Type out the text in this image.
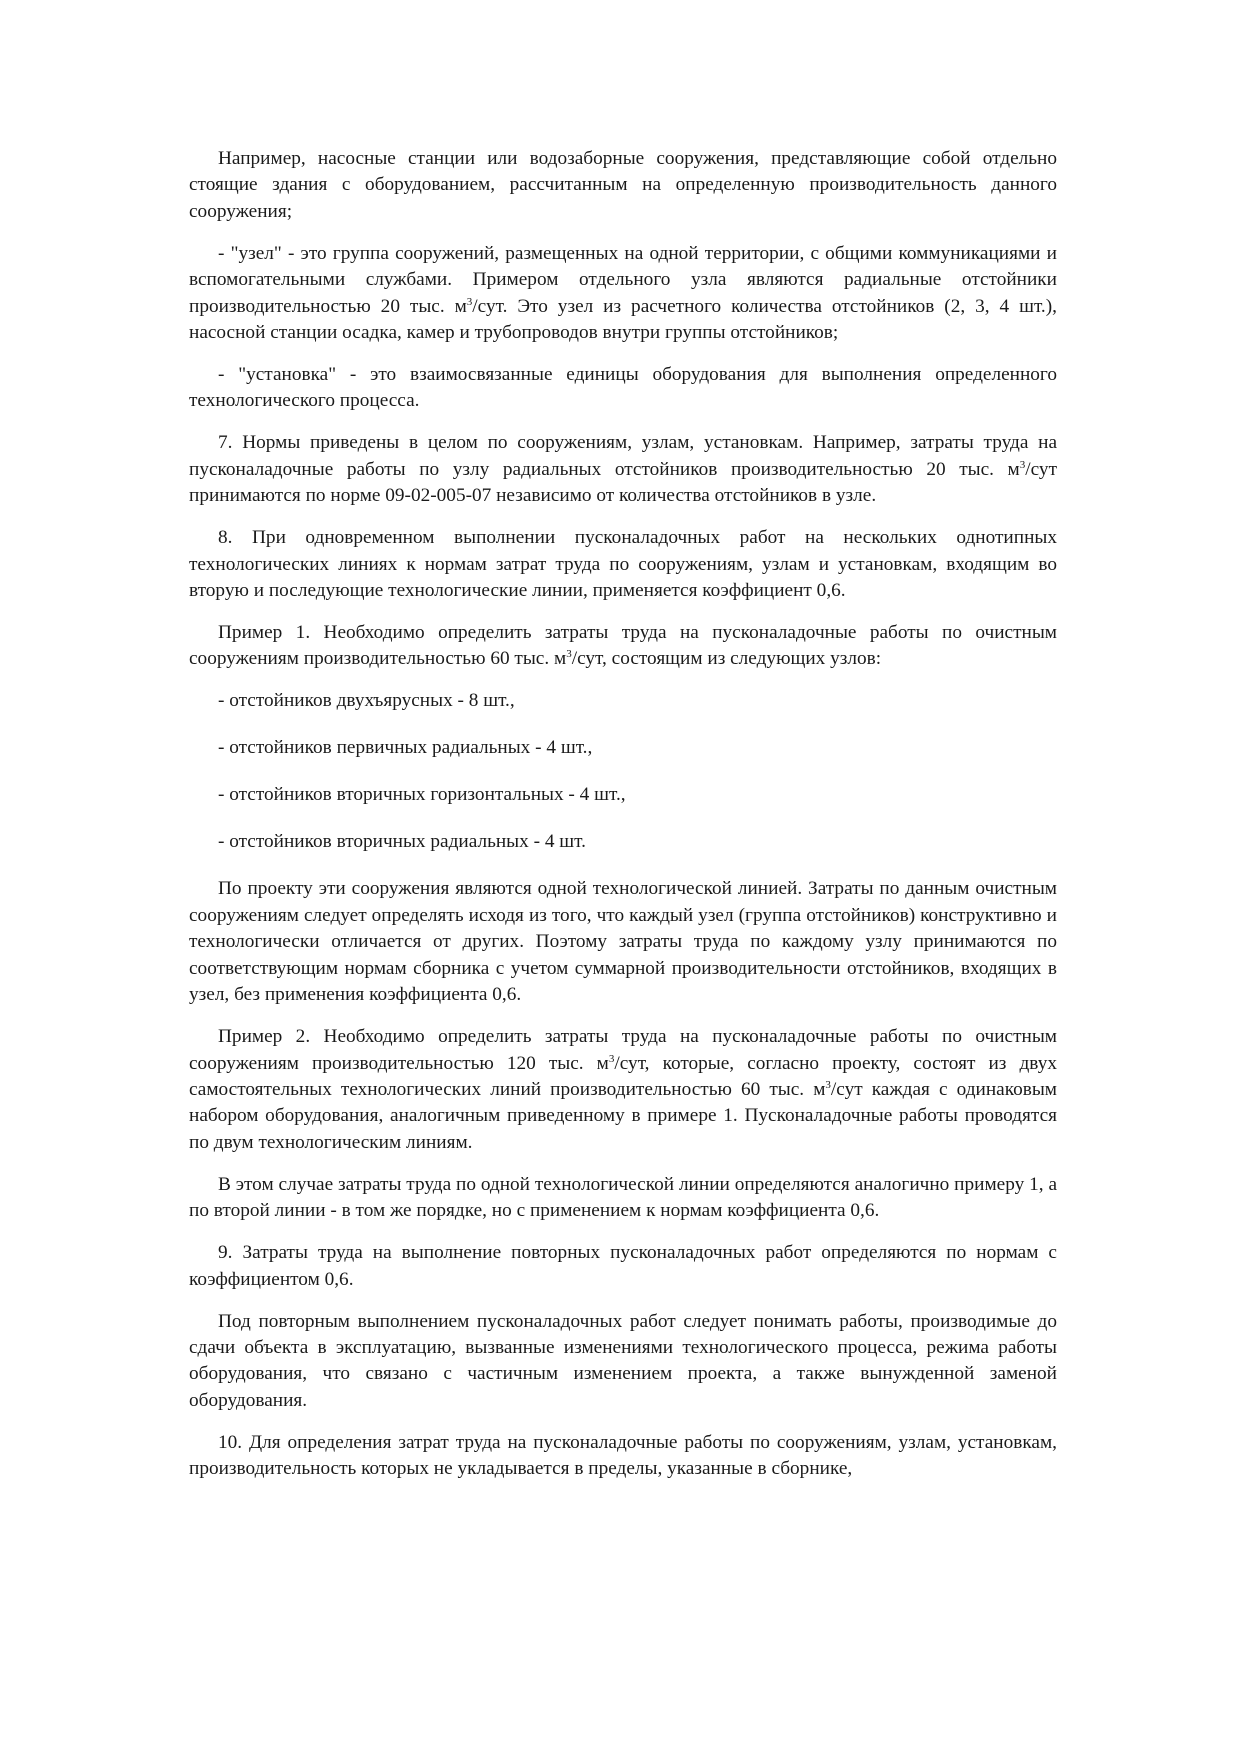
Например, насосные станции или водозаборные сооружения, представляющие собой отдельно стоящие здания с оборудованием, рассчитанным на определенную производительность данного сооружения;

- "узел" - это группа сооружений, размещенных на одной территории, с общими коммуникациями и вспомогательными службами. Примером отдельного узла являются радиальные отстойники производительностью 20 тыс. $м^3$/сут. Это узел из расчетного количества отстойников (2, 3, 4 шт.), насосной станции осадка, камер и трубопроводов внутри группы отстойников;

- "установка" - это взаимосвязанные единицы оборудования для выполнения определенного технологического процесса.

7. Нормы приведены в целом по сооружениям, узлам, установкам. Например, затраты труда на пусконаладочные работы по узлу радиальных отстойников производительностью 20 тыс. $м^3$/сут принимаются по норме 09-02-005-07 независимо от количества отстойников в узле.

8. При одновременном выполнении пусконаладочных работ на нескольких однотипных технологических линиях к нормам затрат труда по сооружениям, узлам и установкам, входящим во вторую и последующие технологические линии, применяется коэффициент 0,6.

Пример 1. Необходимо определить затраты труда на пусконаладочные работы по очистным сооружениям производительностью 60 тыс. $м^3$/сут, состоящим из следующих узлов:

- отстойников двухъярусных - 8 шт.,

- отстойников первичных радиальных - 4 шт.,

- отстойников вторичных горизонтальных - 4 шт.,

- отстойников вторичных радиальных - 4 шт.

По проекту эти сооружения являются одной технологической линией. Затраты по данным очистным сооружениям следует определять исходя из того, что каждый узел (группа отстойников) конструктивно и технологически отличается от других. Поэтому затраты труда по каждому узлу принимаются по соответствующим нормам сборника с учетом суммарной производительности отстойников, входящих в узел, без применения коэффициента 0,6.

Пример 2. Необходимо определить затраты труда на пусконаладочные работы по очистным сооружениям производительностью 120 тыс. $м^3$/сут, которые, согласно проекту, состоят из двух самостоятельных технологических линий производительностью 60 тыс. $м^3$/сут каждая с одинаковым набором оборудования, аналогичным приведенному в примере 1. Пусконаладочные работы проводятся по двум технологическим линиям.

В этом случае затраты труда по одной технологической линии определяются аналогично примеру 1, а по второй линии - в том же порядке, но с применением к нормам коэффициента 0,6.

9. Затраты труда на выполнение повторных пусконаладочных работ определяются по нормам с коэффициентом 0,6.

Под повторным выполнением пусконаладочных работ следует понимать работы, производимые до сдачи объекта в эксплуатацию, вызванные изменениями технологического процесса, режима работы оборудования, что связано с частичным изменением проекта, а также вынужденной заменой оборудования.

10. Для определения затрат труда на пусконаладочные работы по сооружениям, узлам, установкам, производительность которых не укладывается в пределы, указанные в сборнике,
